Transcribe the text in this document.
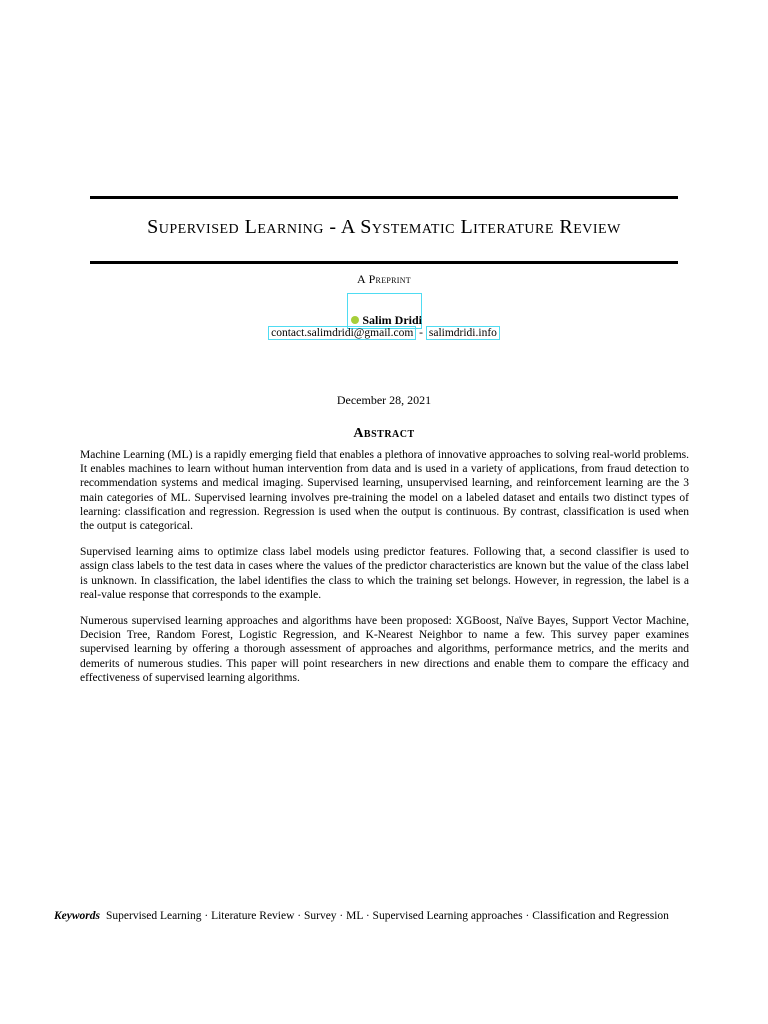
Supervised Learning - A Systematic Literature Review
A Preprint
Salim Dridi
contact.salimdridi@gmail.com - salimdridi.info
December 28, 2021
Abstract

Machine Learning (ML) is a rapidly emerging field that enables a plethora of innovative approaches to solving real-world problems. It enables machines to learn without human intervention from data and is used in a variety of applications, from fraud detection to recommendation systems and medical imaging. Supervised learning, unsupervised learning, and reinforcement learning are the 3 main categories of ML. Supervised learning involves pre-training the model on a labeled dataset and entails two distinct types of learning: classification and regression. Regression is used when the output is continuous. By contrast, classification is used when the output is categorical.

Supervised learning aims to optimize class label models using predictor features. Following that, a second classifier is used to assign class labels to the test data in cases where the values of the predictor characteristics are known but the value of the class label is unknown. In classification, the label identifies the class to which the training set belongs. However, in regression, the label is a real-value response that corresponds to the example.

Numerous supervised learning approaches and algorithms have been proposed: XGBoost, Naïve Bayes, Support Vector Machine, Decision Tree, Random Forest, Logistic Regression, and K-Nearest Neighbor to name a few. This survey paper examines supervised learning by offering a thorough assessment of approaches and algorithms, performance metrics, and the merits and demerits of numerous studies. This paper will point researchers in new directions and enable them to compare the efficacy and effectiveness of supervised learning algorithms.

Keywords Supervised Learning · Literature Review · Survey · ML · Supervised Learning approaches · Classification and Regression
